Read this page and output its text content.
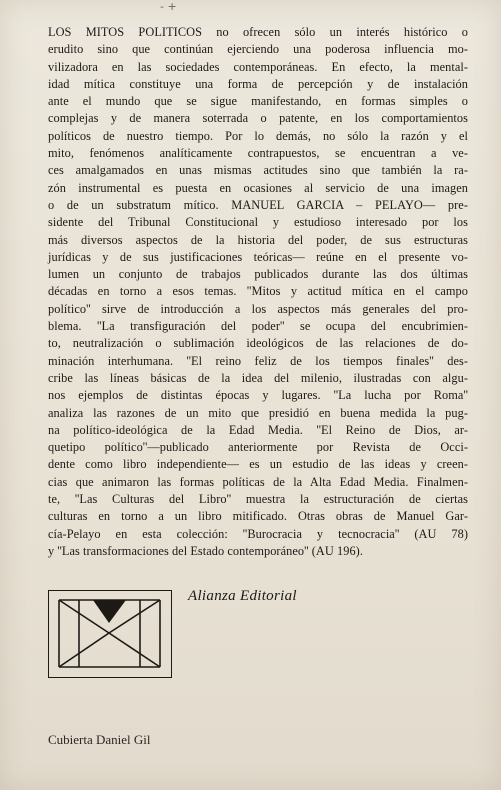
- +
LOS MITOS POLITICOS no ofrecen sólo un interés histórico o
erudito sino que continúan ejerciendo una poderosa influencia mo-
vilizadora en las sociedades contemporáneas. En efecto, la mental-
idad mítica constituye una forma de percepción y de instalación
ante el mundo que se sigue manifestando, en formas simples o
complejas y de manera soterrada o patente, en los comportamientos
políticos de nuestro tiempo. Por lo demás, no sólo la razón y el
mito, fenómenos analíticamente contrapuestos, se encuentran a ve-
ces amalgamados en unas mismas actitudes sino que también la ra-
zón instrumental es puesta en ocasiones al servicio de una imagen
o de un substratum mítico. MANUEL GARCIA – PELAYO— pre-
sidente del Tribunal Constitucional y estudioso interesado por los
más diversos aspectos de la historia del poder, de sus estructuras
jurídicas y de sus justificaciones teóricas— reúne en el presente vo-
lumen un conjunto de trabajos publicados durante las dos últimas
décadas en torno a esos temas. ''Mitos y actitud mítica en el campo
político'' sirve de introducción a los aspectos más generales del pro-
blema. ''La transfiguración del poder'' se ocupa del encubrimien-
to, neutralización o sublimación ideológicos de las relaciones de do-
minación interhumana. ''El reino feliz de los tiempos finales'' des-
cribe las líneas básicas de la idea del milenio, ilustradas con algu-
nos ejemplos de distintas épocas y lugares. ''La lucha por Roma''
analiza las razones de un mito que presidió en buena medida la pug-
na político-ideológica de la Edad Media. ''El Reino de Dios, ar-
quetipo político''—publicado anteriormente por Revista de Occi-
dente como libro independiente— es un estudio de las ideas y creen-
cias que animaron las formas políticas de la Alta Edad Media. Finalmen-
te, ''Las Culturas del Libro'' muestra la estructuración de ciertas
culturas en torno a un libro mitificado. Otras obras de Manuel Gar-
cía-Pelayo en esta colección: ''Burocracia y tecnocracia'' (AU 78)
y ''Las transformaciones del Estado contemporáneo'' (AU 196).
Alianza Editorial
Cubierta Daniel Gil
